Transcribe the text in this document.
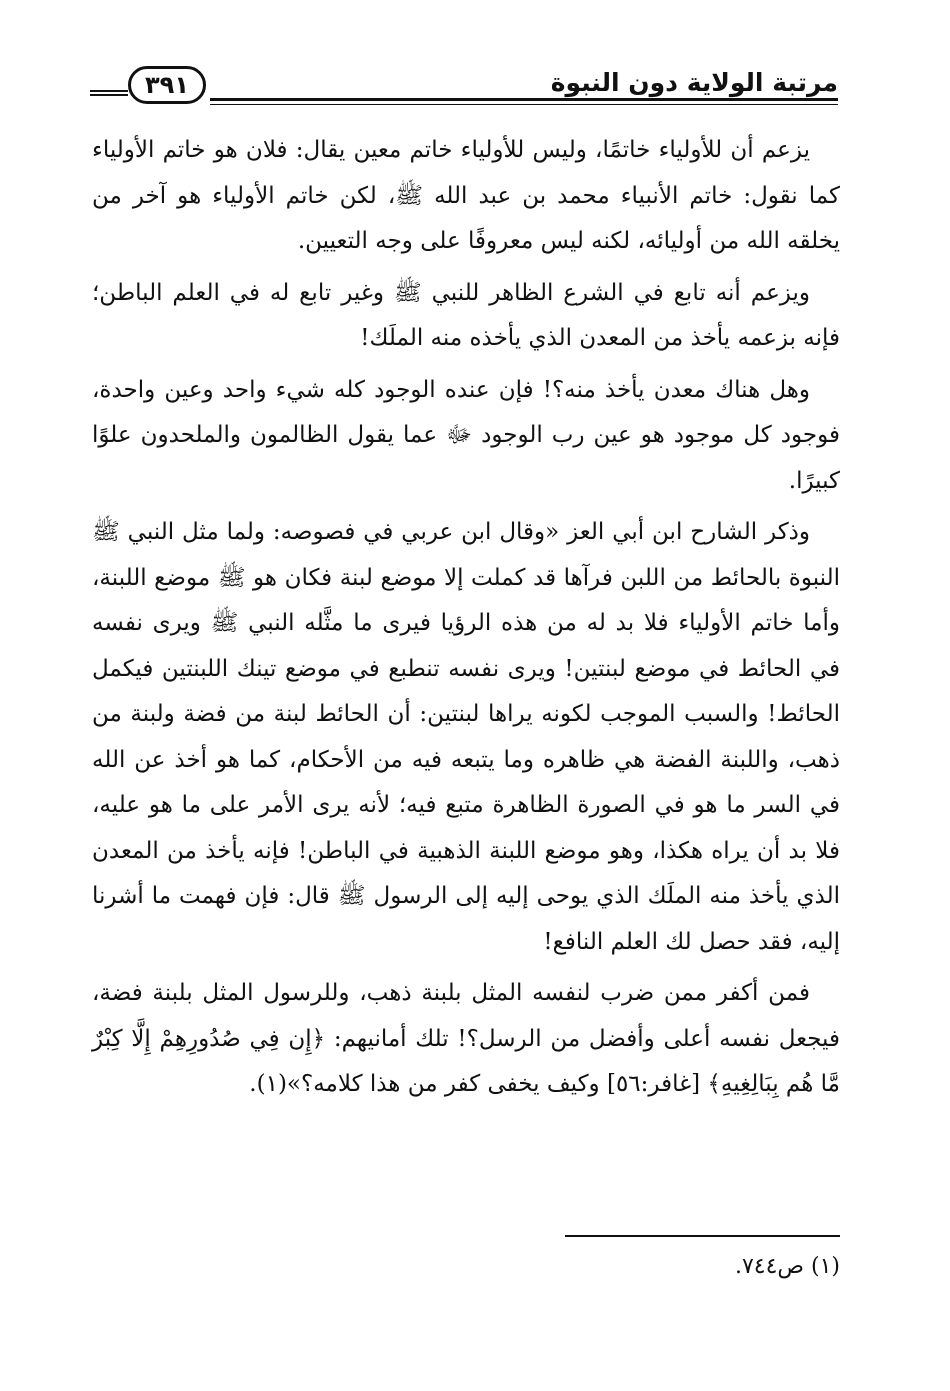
مرتبة الولاية دون النبوة
٣٩١

يزعم أن للأولياء خاتمًا، وليس للأولياء خاتم معين يقال: فلان هو خاتم الأولياء كما نقول: خاتم الأنبياء محمد بن عبد الله ﷺ، لكن خاتم الأولياء هو آخر من يخلقه الله من أوليائه، لكنه ليس معروفًا على وجه التعيين.

ويزعم أنه تابع في الشرع الظاهر للنبي ﷺ وغير تابع له في العلم الباطن؛ فإنه بزعمه يأخذ من المعدن الذي يأخذه منه الملَك!

وهل هناك معدن يأخذ منه؟! فإن عنده الوجود كله شيء واحد وعين واحدة، فوجود كل موجود هو عين رب الوجود ﷻ عما يقول الظالمون والملحدون علوًا كبيرًا.

وذكر الشارح ابن أبي العز «وقال ابن عربي في فصوصه: ولما مثل النبي ﷺ النبوة بالحائط من اللبن فرآها قد كملت إلا موضع لبنة فكان هو ﷺ موضع اللبنة، وأما خاتم الأولياء فلا بد له من هذه الرؤيا فيرى ما مثَّله النبي ﷺ ويرى نفسه في الحائط في موضع لبنتين! ويرى نفسه تنطبع في موضع تينك اللبنتين فيكمل الحائط! والسبب الموجب لكونه يراها لبنتين: أن الحائط لبنة من فضة ولبنة من ذهب، واللبنة الفضة هي ظاهره وما يتبعه فيه من الأحكام، كما هو أخذ عن الله في السر ما هو في الصورة الظاهرة متبع فيه؛ لأنه يرى الأمر على ما هو عليه، فلا بد أن يراه هكذا، وهو موضع اللبنة الذهبية في الباطن! فإنه يأخذ من المعدن الذي يأخذ منه الملَك الذي يوحى إليه إلى الرسول ﷺ قال: فإن فهمت ما أشرنا إليه، فقد حصل لك العلم النافع!

فمن أكفر ممن ضرب لنفسه المثل بلبنة ذهب، وللرسول المثل بلبنة فضة، فيجعل نفسه أعلى وأفضل من الرسل؟! تلك أمانيهم: ﴿إِن فِي صُدُورِهِمْ إِلَّا كِبْرٌ مَّا هُم بِبَالِغِيهِ﴾ [غافر:٥٦] وكيف يخفى كفر من هذا كلامه؟»(١).

(١) ص٧٤٤.
